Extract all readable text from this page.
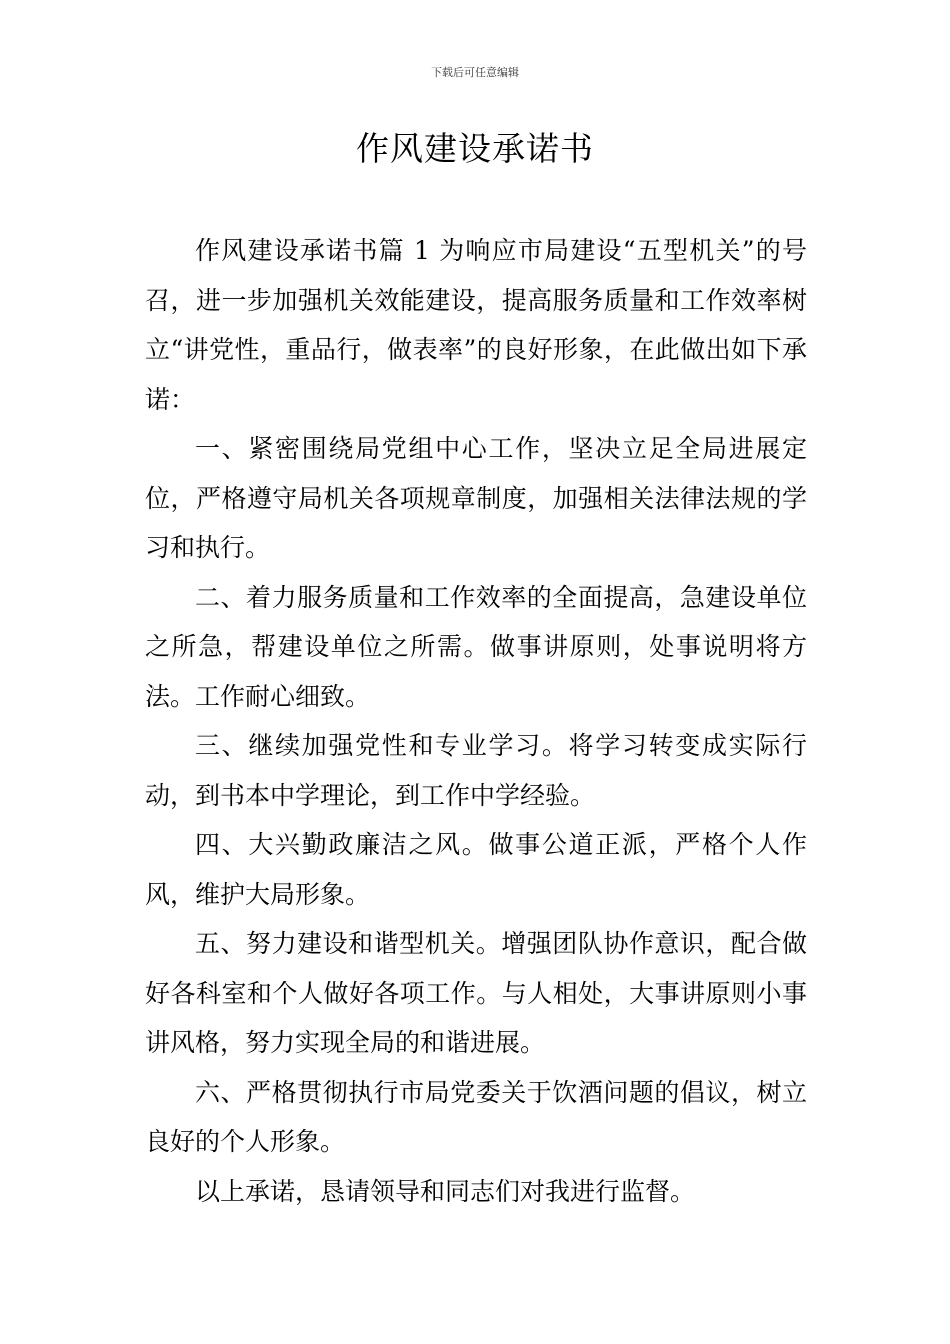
下载后可任意编辑
作风建设承诺书

作风建设承诺书篇 1 为响应市局建设“五型机关”的号召，进一步加强机关效能建设，提高服务质量和工作效率树立“讲党性，重品行，做表率”的良好形象，在此做出如下承诺：

一、紧密围绕局党组中心工作，坚决立足全局进展定位，严格遵守局机关各项规章制度，加强相关法律法规的学习和执行。

二、着力服务质量和工作效率的全面提高，急建设单位之所急，帮建设单位之所需。做事讲原则，处事说明将方法。工作耐心细致。

三、继续加强党性和专业学习。将学习转变成实际行动，到书本中学理论，到工作中学经验。

四、大兴勤政廉洁之风。做事公道正派，严格个人作风，维护大局形象。

五、努力建设和谐型机关。增强团队协作意识，配合做好各科室和个人做好各项工作。与人相处，大事讲原则小事讲风格，努力实现全局的和谐进展。

六、严格贯彻执行市局党委关于饮酒问题的倡议，树立良好的个人形象。

以上承诺，恳请领导和同志们对我进行监督。
